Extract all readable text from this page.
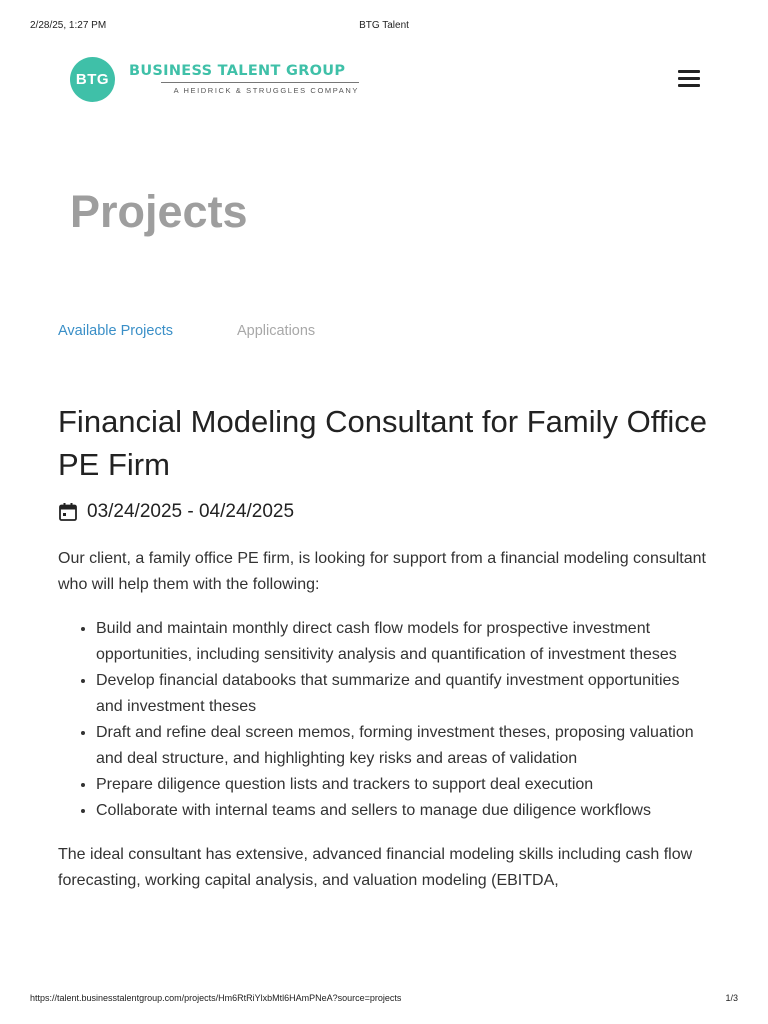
2/28/25, 1:27 PM	BTG Talent
BTG	BUSINESS TALENT GROUP
A HEIDRICK & STRUGGLES COMPANY
Projects
Available Projects	Applications
Financial Modeling Consultant for Family Office PE Firm
03/24/2025 - 04/24/2025

Our client, a family office PE firm, is looking for support from a financial modeling consultant who will help them with the following:

• Build and maintain monthly direct cash flow models for prospective investment opportunities, including sensitivity analysis and quantification of investment theses
• Develop financial databooks that summarize and quantify investment opportunities and investment theses
• Draft and refine deal screen memos, forming investment theses, proposing valuation and deal structure, and highlighting key risks and areas of validation
• Prepare diligence question lists and trackers to support deal execution
• Collaborate with internal teams and sellers to manage due diligence workflows

The ideal consultant has extensive, advanced financial modeling skills including cash flow forecasting, working capital analysis, and valuation modeling (EBITDA,

https://talent.businesstalentgroup.com/projects/Hm6RtRiYlxbMtl6HAmPNeA?source=projects	1/3
